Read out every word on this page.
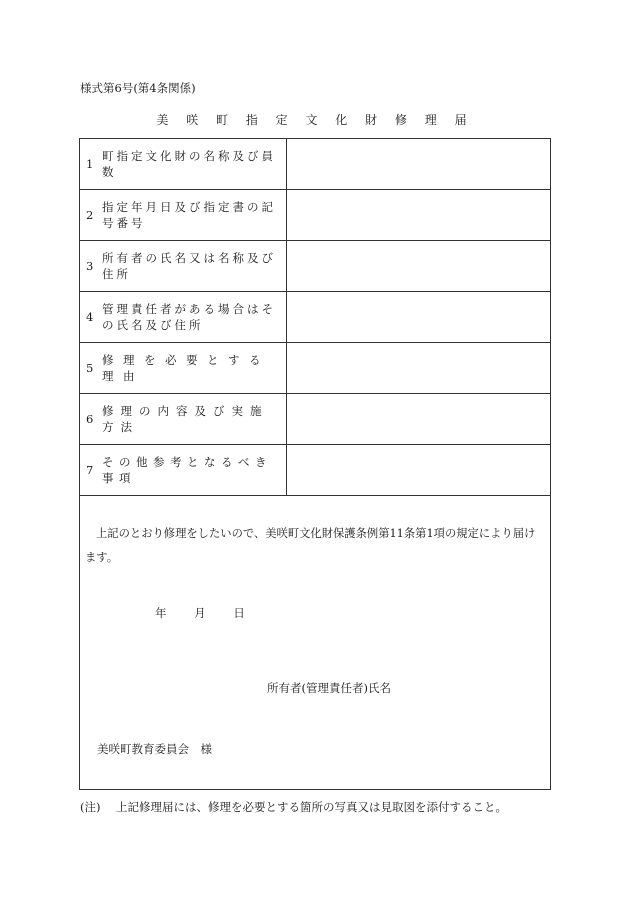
様式第6号(第4条関係)
美 咲 町 指 定 文 化 財 修 理 届
1
町指定文化財の名称及び員数
2
指定年月日及び指定書の記号番号
3
所有者の氏名又は名称及び住所
4
管理責任者がある場合はその氏名及び住所
5
修理を必要とする理由
6
修理の内容及び実施方法
7
その他参考となるべき事項

上記のとおり修理をしたいので、美咲町文化財保護条例第11条第1項の規定により届けます。

年 月 日
所有者(管理責任者)氏名
美咲町教育委員会　様
(注) 上記修理届には、修理を必要とする箇所の写真又は見取図を添付すること。
